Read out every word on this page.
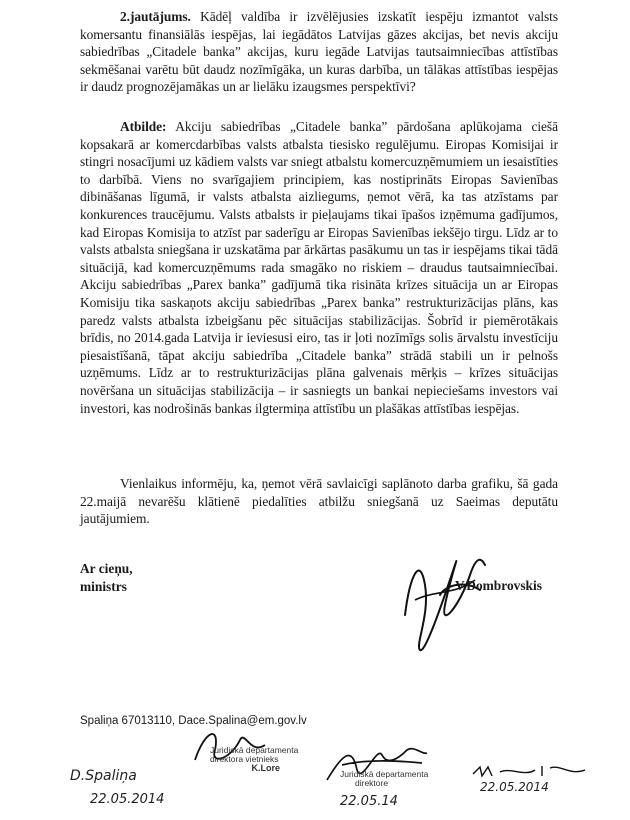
2.jautājums. Kādēļ valdība ir izvēlējusies izskatīt iespēju izmantot valsts komersantu finansiālās iespējas, lai iegādātos Latvijas gāzes akcijas, bet nevis akciju sabiedrības „Citadele banka” akcijas, kuru iegāde Latvijas tautsaimniecības attīstības sekmēšanai varētu būt daudz nozīmīgāka, un kuras darbība, un tālākas attīstības iespējas ir daudz prognozējamākas un ar lielāku izaugsmes perspektīvi?
Atbilde: Akciju sabiedrības „Citadele banka” pārdošana aplūkojama ciešā kopsakarā ar komercdarbības valsts atbalsta tiesisko regulējumu. Eiropas Komisijai ir stingri nosacījumi uz kādiem valsts var sniegt atbalstu komercuzņēmumiem un iesaistīties to darbībā. Viens no svarīgajiem principiem, kas nostiprināts Eiropas Savienības dibināšanas līgumā, ir valsts atbalsta aizliegums, ņemot vērā, ka tas atzīstams par konkurences traucējumu. Valsts atbalsts ir pieļaujams tikai īpašos izņēmuma gadījumos, kad Eiropas Komisija to atzīst par saderīgu ar Eiropas Savienības iekšējo tirgu. Līdz ar to valsts atbalsta sniegšana ir uzskatāma par ārkārtas pasākumu un tas ir iespējams tikai tādā situācijā, kad komercuzņēmums rada smagāko no riskiem – draudus tautsaimniecībai. Akciju sabiedrības „Parex banka” gadījumā tika risināta krīzes situācija un ar Eiropas Komisiju tika saskaņots akciju sabiedrības „Parex banka” restrukturizācijas plāns, kas paredz valsts atbalsta izbeigšanu pēc situācijas stabilizācijas. Šobrīd ir piemērotākais brīdis, no 2014.gada Latvija ir ieviesusi eiro, tas ir ļoti nozīmīgs solis ārvalstu investīciju piesaistīšanā, tāpat akciju sabiedrība „Citadele banka” strādā stabili un ir pelnošs uzņēmums. Līdz ar to restrukturizācijas plāna galvenais mērķis – krīzes situācijas novēršana un situācijas stabilizācija – ir sasniegts un bankai nepieciešams investors vai investori, kas nodrošinās bankas ilgtermiņa attīstību un plašākas attīstības iespējas.
Vienlaikus informēju, ka, ņemot vērā savlaicīgi saplānoto darba grafiku, šā gada 22.maijā nevarēšu klātienē piedalīties atbilžu sniegšanā uz Saeimas deputātu jautājumiem.
Ar cieņu,
ministrs	V.Dombrovskis
Spaliņa 67013110, Dace.Spalina@em.gov.lv
D.Spaliņa
22.05.2014
Juridiskā departamenta
direktora vietnieks
K.Lore
Juridiskā departamenta
direktore
22.05.14
22.05.2014
